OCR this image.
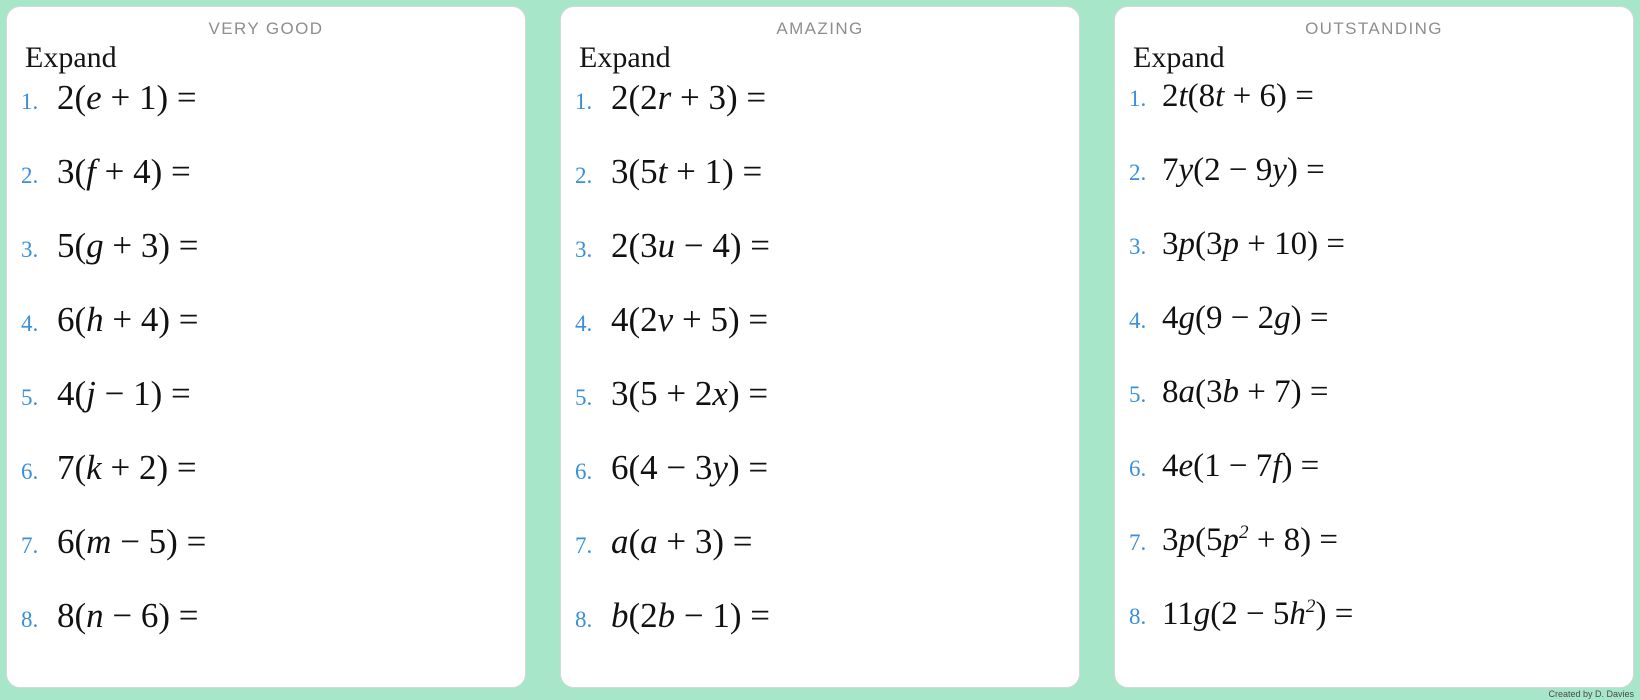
VERY GOOD
Expand
1. 2(e + 1) =
2. 3(f + 4) =
3. 5(g + 3) =
4. 6(h + 4) =
5. 4(j − 1) =
6. 7(k + 2) =
7. 6(m − 5) =
8. 8(n − 6) =
AMAZING
Expand
1. 2(2r + 3) =
2. 3(5t + 1) =
3. 2(3u − 4) =
4. 4(2v + 5) =
5. 3(5 + 2x) =
6. 6(4 − 3y) =
7. a(a + 3) =
8. b(2b − 1) =
OUTSTANDING
Expand
1. 2t(8t + 6) =
2. 7y(2 − 9y) =
3. 3p(3p + 10) =
4. 4g(9 − 2g) =
5. 8a(3b + 7) =
6. 4e(1 − 7f) =
7. $3p(5p^2 + 8)$ =
8. $11g(2 - 5h^2)$ =
Created by D. Davies
